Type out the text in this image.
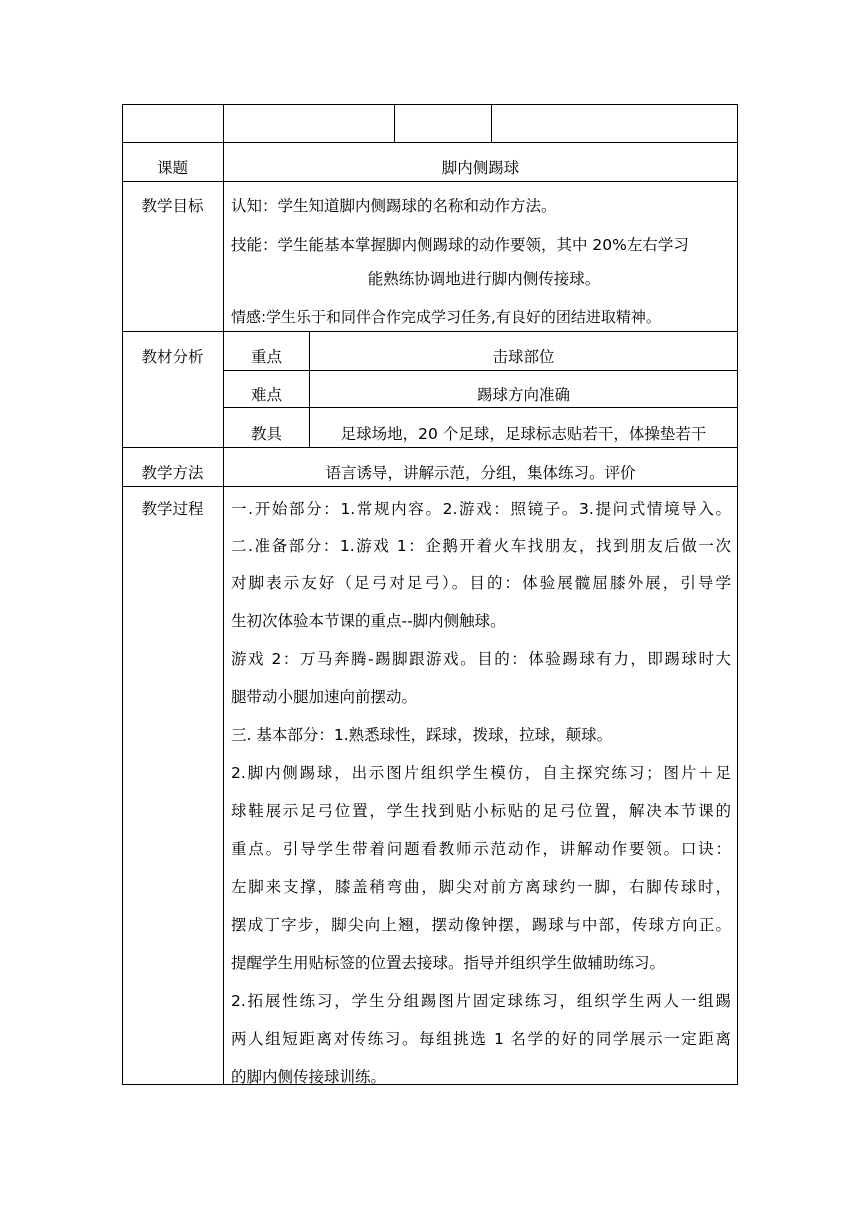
课题	脚内侧踢球
教学目标	认知：学生知道脚内侧踢球的名称和动作方法。
技能：学生能基本掌握脚内侧踢球的动作要领，其中 20%左右学习
能熟练协调地进行脚内侧传接球。
情感:学生乐于和同伴合作完成学习任务,有良好的团结进取精神。
教材分析	重点	击球部位
难点	踢球方向准确
教具	足球场地，20 个足球，足球标志贴若干，体操垫若干
教学方法	语言诱导，讲解示范，分组，集体练习。评价
教学过程	一.开始部分：1.常规内容。2.游戏：照镜子。3.提问式情境导入。
二.准备部分：1.游戏 1：企鹅开着火车找朋友，找到朋友后做一次
对脚表示友好（足弓对足弓）。目的：体验展髋屈膝外展，引导学
生初次体验本节课的重点--脚内侧触球。
游戏 2：万马奔腾-踢脚跟游戏。目的：体验踢球有力，即踢球时大
腿带动小腿加速向前摆动。
三. 基本部分：1.熟悉球性，踩球，拨球，拉球，颠球。
2.脚内侧踢球，出示图片组织学生模仿，自主探究练习；图片＋足
球鞋展示足弓位置，学生找到贴小标贴的足弓位置，解决本节课的
重点。引导学生带着问题看教师示范动作，讲解动作要领。口诀：
左脚来支撑，膝盖稍弯曲，脚尖对前方离球约一脚，右脚传球时，
摆成丁字步，脚尖向上翘，摆动像钟摆，踢球与中部，传球方向正。
提醒学生用贴标签的位置去接球。指导并组织学生做辅助练习。
2.拓展性练习，学生分组踢图片固定球练习，组织学生两人一组踢
两人组短距离对传练习。每组挑选 1 名学的好的同学展示一定距离
的脚内侧传接球训练。
